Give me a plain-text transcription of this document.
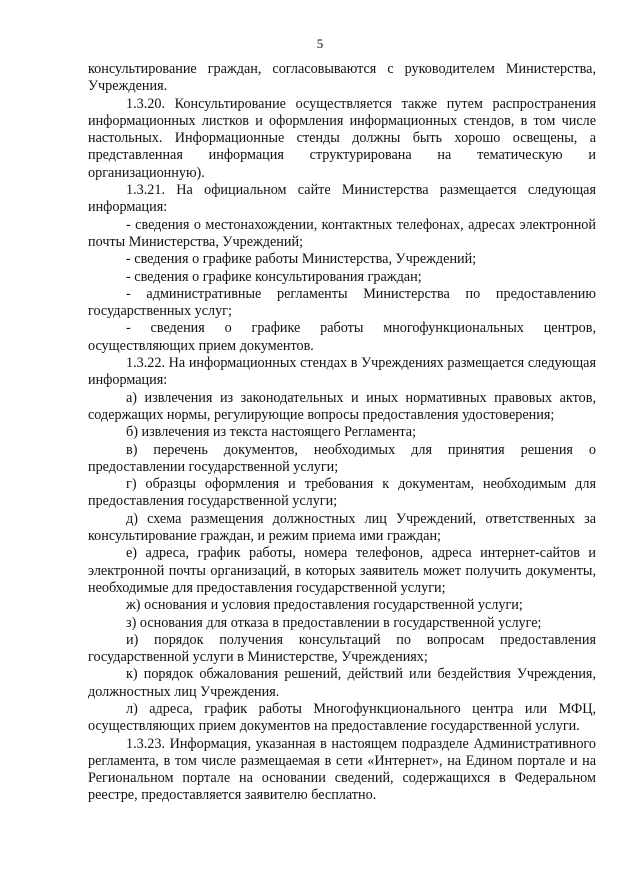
5

консультирование граждан, согласовываются с руководителем Министерства, Учреждения.

1.3.20. Консультирование осуществляется также путем распространения информационных листков и оформления информационных стендов, в том числе настольных. Информационные стенды должны быть хорошо освещены, а представленная информация структурирована на тематическую и организационную).

1.3.21. На официальном сайте Министерства размещается следующая информация:

- сведения о местонахождении, контактных телефонах, адресах электронной почты Министерства, Учреждений;

- сведения о графике работы Министерства, Учреждений;

- сведения о графике консультирования граждан;

- административные регламенты Министерства по предоставлению государственных услуг;

- сведения о графике работы многофункциональных центров, осуществляющих прием документов.

1.3.22. На информационных стендах в Учреждениях размещается следующая информация:

а) извлечения из законодательных и иных нормативных правовых актов, содержащих нормы, регулирующие вопросы предоставления удостоверения;

б) извлечения из текста настоящего Регламента;

в) перечень документов, необходимых для принятия решения о предоставлении государственной услуги;

г) образцы оформления и требования к документам, необходимым для предоставления государственной услуги;

д) схема размещения должностных лиц Учреждений, ответственных за консультирование граждан, и режим приема ими граждан;

е) адреса, график работы, номера телефонов, адреса интернет-сайтов и электронной почты организаций, в которых заявитель может получить документы, необходимые для предоставления государственной услуги;

ж) основания и условия предоставления государственной услуги;

з) основания для отказа в предоставлении в государственной услуге;

и) порядок получения консультаций по вопросам предоставления государственной услуги в Министерстве, Учреждениях;

к) порядок обжалования решений, действий или бездействия Учреждения, должностных лиц Учреждения.

л) адреса, график работы Многофункционального центра или МФЦ, осуществляющих прием документов на предоставление государственной услуги.

1.3.23. Информация, указанная в настоящем подразделе Административного регламента, в том числе размещаемая в сети «Интернет», на Едином портале и на Региональном портале на основании сведений, содержащихся в Федеральном реестре, предоставляется заявителю бесплатно.
